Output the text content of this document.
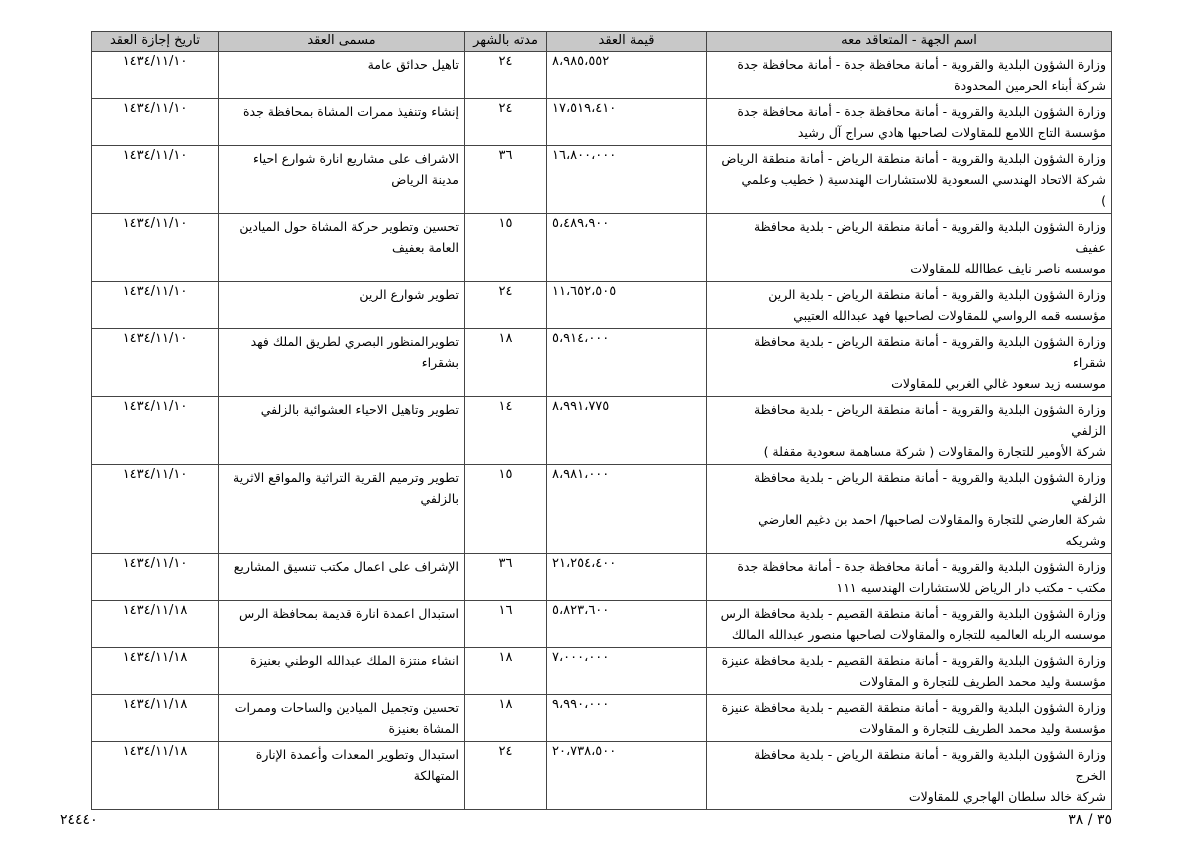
اسم الجهة - المتعاقد معه	قيمة العقد	مدته بالشهر	مسمى العقد	تاريخ إجازة العقد

وزارة الشؤون البلدية والقروية - أمانة محافظة جدة - أمانة محافظة جدة
شركة أبناء الحرمين المحدودة	٨،٩٨٥،٥٥٢	٢٤	تاهيل حدائق عامة	١٤٣٤/١١/١٠

وزارة الشؤون البلدية والقروية - أمانة محافظة جدة - أمانة محافظة جدة
مؤسسة التاج اللامع للمقاولات لصاحبها هادي سراج آل رشيد	١٧،٥١٩،٤١٠	٢٤	إنشاء وتنفيذ ممرات المشاة بمحافظة جدة	١٤٣٤/١١/١٠

وزارة الشؤون البلدية والقروية - أمانة منطقة الرياض - أمانة منطقة الرياض
شركة الاتحاد الهندسي السعودية للاستشارات الهندسية ( خطيب وعلمي
)	١٦،٨٠٠،٠٠٠	٣٦	الاشراف على مشاريع انارة شوارع احياء مدينة الرياض	١٤٣٤/١١/١٠

وزارة الشؤون البلدية والقروية - أمانة منطقة الرياض - بلدية محافظة
عفيف
موسسه ناصر نايف عطاالله للمقاولات	٥،٤٨٩،٩٠٠	١٥	تحسين وتطوير حركة المشاة حول الميادين العامة بعفيف	١٤٣٤/١١/١٠

وزارة الشؤون البلدية والقروية - أمانة منطقة الرياض - بلدية الرين
مؤسسه قمه الرواسي للمقاولات لصاحبها فهد عبدالله العتيبي	١١،٦٥٢،٥٠٥	٢٤	تطوير شوارع الرين	١٤٣٤/١١/١٠

وزارة الشؤون البلدية والقروية - أمانة منطقة الرياض - بلدية محافظة
شقراء
موسسه زيد سعود غالي الغربي للمقاولات	٥،٩١٤،٠٠٠	١٨	تطويرالمنظور البصري لطريق الملك فهد بشقراء	١٤٣٤/١١/١٠

وزارة الشؤون البلدية والقروية - أمانة منطقة الرياض - بلدية محافظة
الزلفي
شركة الأومير للتجارة والمقاولات ( شركة مساهمة سعودية مقفلة )	٨،٩٩١،٧٧٥	١٤	تطوير وتاهيل الاحياء العشوائية بالزلفي	١٤٣٤/١١/١٠

وزارة الشؤون البلدية والقروية - أمانة منطقة الرياض - بلدية محافظة
الزلفي
شركة العارضي للتجارة والمقاولات لصاحبها/ احمد بن دغيم العارضي
وشريكه	٨،٩٨١،٠٠٠	١٥	تطوير وترميم القرية التراثية والمواقع الاثرية بالزلفي	١٤٣٤/١١/١٠

وزارة الشؤون البلدية والقروية - أمانة محافظة جدة - أمانة محافظة جدة
مكتب - مكتب دار الرياض للاستشارات الهندسيه ١١١	٢١،٢٥٤،٤٠٠	٣٦	الإشراف على اعمال مكتب تنسيق المشاريع	١٤٣٤/١١/١٠

وزارة الشؤون البلدية والقروية - أمانة منطقة القصيم - بلدية محافظة الرس
موسسه الربله العالميه للتجاره والمقاولات لصاحبها منصور عبدالله المالك	٥،٨٢٣،٦٠٠	١٦	استبدال اعمدة انارة قديمة بمحافظة الرس	١٤٣٤/١١/١٨

وزارة الشؤون البلدية والقروية - أمانة منطقة القصيم - بلدية محافظة عنيزة
مؤسسة وليد محمد الطريف للتجارة و المقاولات	٧،٠٠٠،٠٠٠	١٨	انشاء منتزة الملك عبدالله الوطني بعنيزة	١٤٣٤/١١/١٨

وزارة الشؤون البلدية والقروية - أمانة منطقة القصيم - بلدية محافظة عنيزة
مؤسسة وليد محمد الطريف للتجارة و المقاولات	٩،٩٩٠،٠٠٠	١٨	تحسين وتجميل الميادين والساحات وممرات المشاة بعنيزة	١٤٣٤/١١/١٨

وزارة الشؤون البلدية والقروية - أمانة منطقة الرياض - بلدية محافظة
الخرج
شركة خالد سلطان الهاجري للمقاولات	٢٠،٧٣٨،٥٠٠	٢٤	استبدال وتطوير المعدات وأعمدة الإنارة المتهالكة	١٤٣٤/١١/١٨
٢٤٤٤٠	٣٥ / ٣٨
